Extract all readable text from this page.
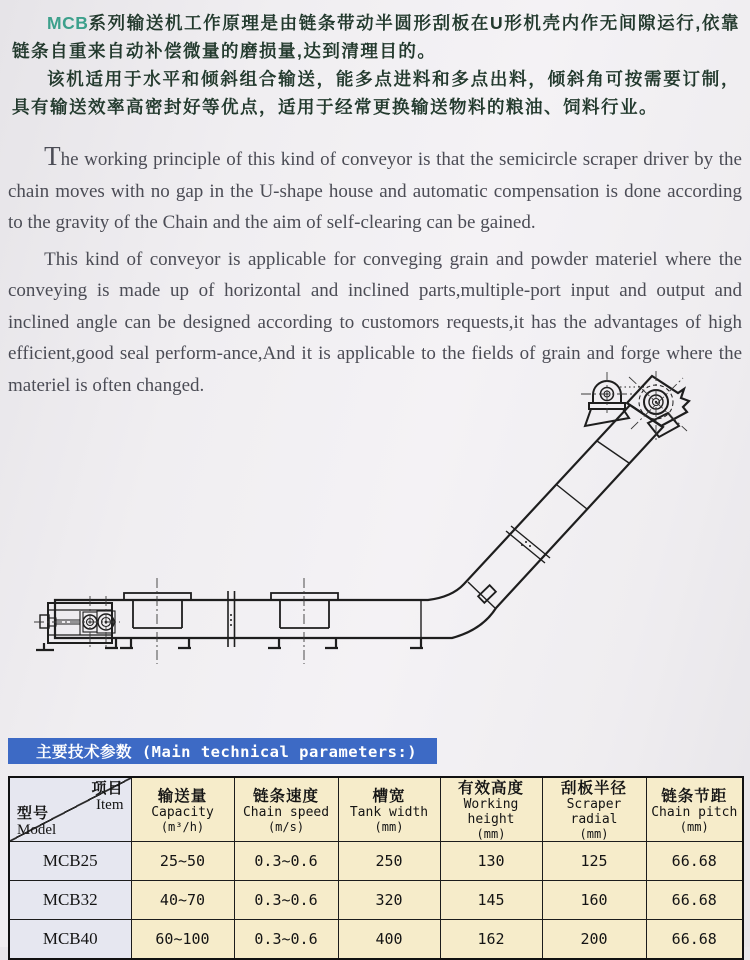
MCB系列输送机工作原理是由链条带动半圆形刮板在U形机壳内作无间隙运行,依靠链条自重来自动补偿微量的磨损量,达到清理目的。

该机适用于水平和倾斜组合输送，能多点进料和多点出料，倾斜角可按需要订制，具有输送效率高密封好等优点，适用于经常更换输送物料的粮油、饲料行业。

The working principle of this kind of conveyor is that the semicircle scraper driver by the chain moves with no gap in the U-shape house and automatic compensation is done according to the gravity of the Chain and the aim of self-clearing can be gained.

This kind of conveyor is applicable for conveging grain and powder materiel where the conveying is made up of horizontal and inclined parts,multiple-port input and output and inclined angle can be designed according to customors requests,it has the advantages of high efficient,good seal perform-ance,And it is applicable to the fields of grain and forge where the materiel is often changed.

主要技术参数 (Main technical parameters:)
项目
Item
型号
Model	输送量
Capacity
(m³/h)	链条速度
Chain speed
(m/s)	槽宽
Tank width
(mm)	有效高度
Working height
(mm)	刮板半径
Scraper radial
(mm)	链条节距
Chain pitch
(mm)

MCB25	25~50	0.3~0.6	250	130	125	66.68
MCB32	40~70	0.3~0.6	320	145	160	66.68
MCB40	60~100	0.3~0.6	400	162	200	66.68
